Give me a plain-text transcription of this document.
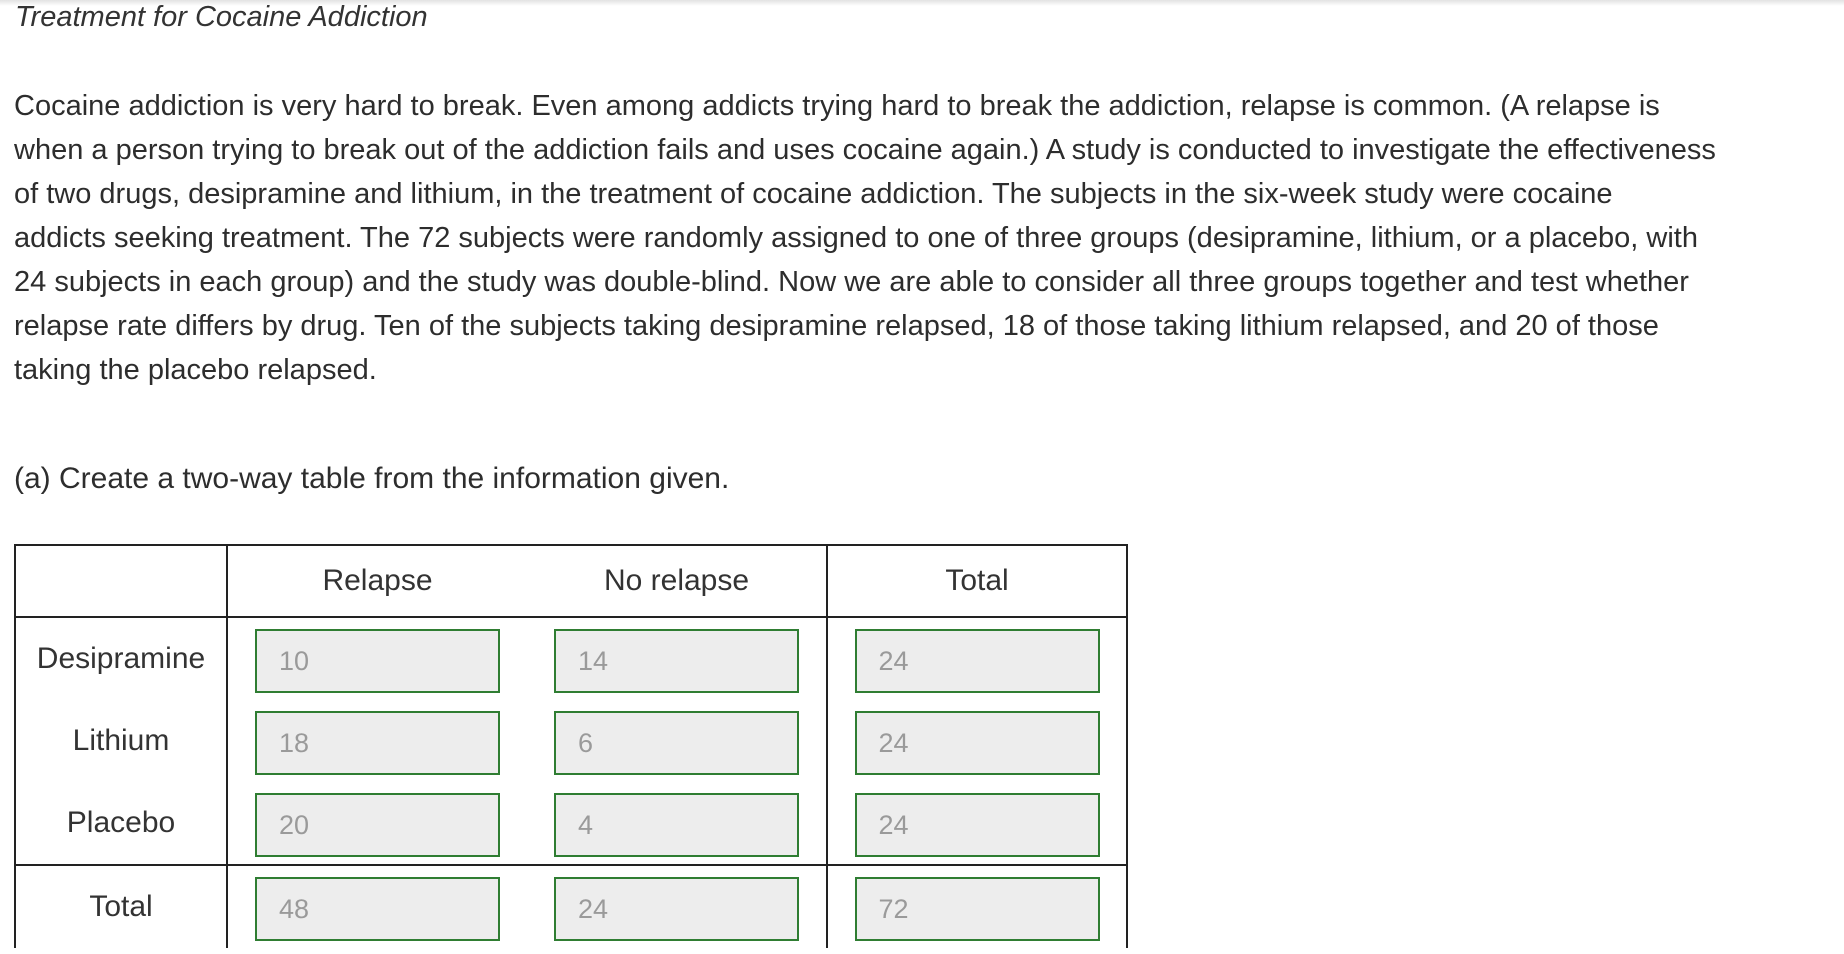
Treatment for Cocaine Addiction

Cocaine addiction is very hard to break. Even among addicts trying hard to break the addiction, relapse is common. (A relapse is
when a person trying to break out of the addiction fails and uses cocaine again.) A study is conducted to investigate the effectiveness
of two drugs, desipramine and lithium, in the treatment of cocaine addiction. The subjects in the six-week study were cocaine
addicts seeking treatment. The 72 subjects were randomly assigned to one of three groups (desipramine, lithium, or a placebo, with
24 subjects in each group) and the study was double-blind. Now we are able to consider all three groups together and test whether
relapse rate differs by drug. Ten of the subjects taking desipramine relapsed, 18 of those taking lithium relapsed, and 20 of those
taking the placebo relapsed.

(a) Create a two-way table from the information given.
	Relapse	No relapse	Total
Desipramine	10	14	24
Lithium	18	6	24
Placebo	20	4	24
Total	48	24	72
